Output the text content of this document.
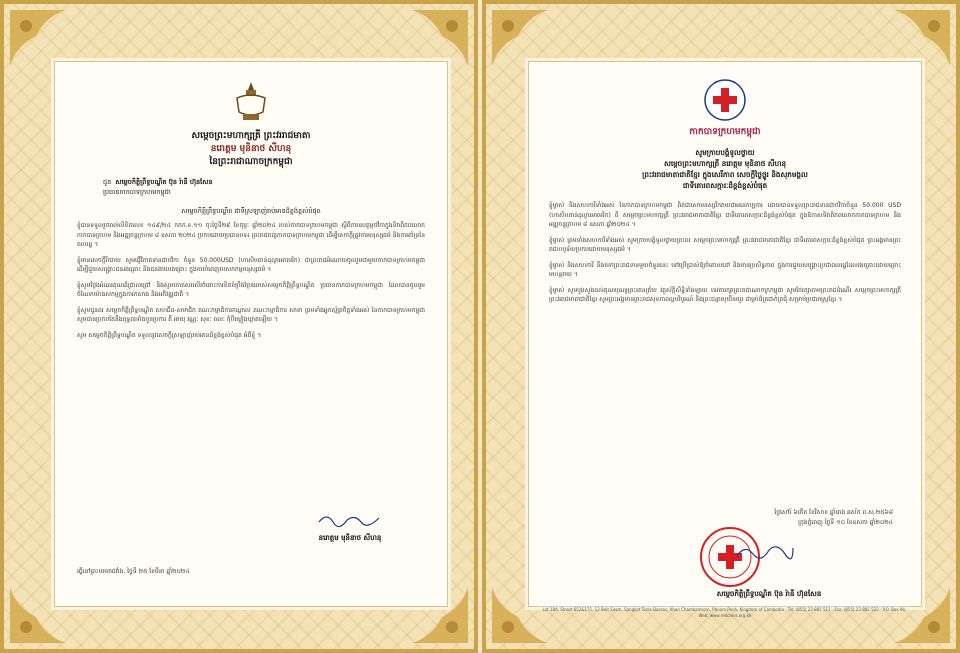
សម្តេចព្រះមហាក្សត្រី ព្រះវររាជមាតា
នរោត្តម មុនិនាថ សីហនុ
នៃព្រះរាជាណាចក្រកម្ពុជា
ជូន សម្តេចកិត្តិព្រឹទ្ធបណ្ឌិត ប៊ុន រ៉ានី ហ៊ុនសែន
ប្រធានកាកបាទក្រហមកម្ពុជា
សម្តេចកិត្តិព្រឹទ្ធបណ្ឌិត ជាទីស្រឡាញ់រាប់អានដ៏ខ្ពង់ខ្ពស់បំផុត

ខ្ញុំបានទទួលរួចរាល់លិខិតលេខ ១៤៩/២៤ កកក.ទ.១១ ចុះថ្ងៃទី២៩ ខែកុម្ភៈ ឆ្នាំ២០២៤ របស់កាកបាទក្រហមកម្ពុជា ស្តីពីការឧបត្ថម្ភថវិកាក្នុងទិវាពិភពលោកកាកបាទក្រហម និងអឌ្ឍចន្ទក្រហម ៨ ឧសភា ២០២៤ ប្រកបដោយប្រធានបទ៖ ព្រះរាជរាជ្យកាកបាទក្រហមកម្ពុជា ដើម្បីសេចក្តីត្រូវការមនុស្សធម៌ និងការគាំទ្រនៃពលរដ្ឋ ។

ខ្ញុំមានសេចក្តីរីករាយ សូមផ្ញើវិភាគទានជាថវិកា ចំនួន 50.000USD (ហាសិបពាន់ដុល្លារអាមេរិក) ជាព្រះរាជអំណោយចូលរួមជាមួយកាកបាទក្រហមកម្ពុជា ដើម្បីជួយសង្គ្រោះជនរងគ្រោះ និងជនងាយរងគ្រោះ ក្នុងការបំពេញបេសកកម្មមនុស្សធម៌ ។

ខ្ញុំសូមថ្លែងអំណរគុណដ៏ជ្រាលជ្រៅ និងសូមកោតសរសើរចំពោះការខិតខំប្រឹងប្រែងរបស់សម្តេចកិត្តិព្រឹទ្ធបណ្ឌិត ប្រធានកាកបាទក្រហមកម្ពុជា ដែលបានចូលរួមចំណែកយ៉ាងសកម្មក្នុងការកសាង និងអភិវឌ្ឍជាតិ ។

ខ្ញុំសូមជូនពរ សម្តេចកិត្តិព្រឹទ្ធបណ្ឌិត សហជីព-សមាជិក គណៈកម្មាធិការកណ្តាល គណៈកម្មាធិការ សាខា ព្រមទាំងអ្នកស្ម័គ្រចិត្តទាំងអស់ នៃកាកបាទក្រហមកម្ពុជា សូមបានប្រកបតែនឹងពុទ្ធពរទាំងបួនប្រការ គឺ អាយុ វណ្ណៈ សុខៈ ពលៈ កុំបីឃ្លៀងឃ្លាតឡើយ ។

សូម សម្តេចកិត្តិព្រឹទ្ធបណ្ឌិត ទទួលនូវសេចក្តីស្រឡាញ់រាប់អានដ៏ខ្ពង់ខ្ពស់បំផុត អំពីខ្ញុំ ។

នរោត្តម មុនិនាថ សីហនុ
ធ្វើនៅព្រះបរមរាជវាំង, ថ្ងៃទី ២៥ ខែមីនា ឆ្នាំ២០២៤
កាកបាទក្រហមកម្ពុជា
សូមក្រាបបង្គំទូលថ្វាយ
សម្តេចព្រះមហាក្សត្រី នរោត្តម មុនិនាថ សីហនុ
ព្រះវររាជមាតាជាតិខ្មែរ ក្នុងសេរីភាព សេចក្តីថ្លៃថ្នូរ និងសុភមង្គល
ជាទីគោរពសក្ការៈដ៏ខ្ពង់ខ្ពស់បំផុត

ខ្ញុំម្ចាស់ និងសហការីទាំងអស់ នៃកាកបាទក្រហមកម្ពុជា ពិតជាសោមនស្សរីករាយជាអនេកប្បការ ដោយបានទទួលព្រះរាជទានជាថវិកាចំនួន 50.000 USD (ហាសិបពាន់ដុល្លារអាមេរិក) ពី សម្តេចព្រះមហាក្សត្រី ព្រះវររាជមាតាជាតិខ្មែរ ជាទីគោរពសក្ការៈដ៏ខ្ពង់ខ្ពស់បំផុត ក្នុងឱកាសទិវាពិភពលោកកាកបាទក្រហម និងអឌ្ឍចន្ទក្រហម ៨ ឧសភា ឆ្នាំ២០២៤ ។

ខ្ញុំម្ចាស់ ព្រមទាំងសហការីទាំងអស់ សូមក្រាបបង្គំទូលថ្វាយព្រះពរ សម្តេចព្រះមហាក្សត្រី ព្រះវររាជមាតាជាតិខ្មែរ ជាទីគោរពសក្ការៈដ៏ខ្ពង់ខ្ពស់បំផុត ព្រះអង្គមានព្រះរាជហឫទ័យប្រកបដោយមនុស្សធម៌ ។

ខ្ញុំម្ចាស់ និងសហការី នឹងយកព្រះរាជទានមួយចំនួននេះ ទៅប្រើប្រាស់ឱ្យចំគោលដៅ និងមានប្រសិទ្ធភាព ក្នុងការជួយសង្គ្រោះប្រជាពលរដ្ឋដែលរងគ្រោះដោយគ្រោះមហន្តរាយ ។

ខ្ញុំម្ចាស់ សូមបួងសួងដល់គុណបុណ្យព្រះរតនត្រ័យ វត្ថុស័ក្តិសិទ្ធិទាំងឡាយ ទេវតារក្សាព្រះរាជាណាចក្រកម្ពុជា សូមថែរក្សាតាមព្រះរាជដំណើរ សម្តេចព្រះមហាក្សត្រី ព្រះវររាជមាតាជាតិខ្មែរ សូមព្រះអង្គមានព្រះរាជសុខភាពល្អបរិបូរណ៍ និងព្រះជន្មាយុយឺនយូរ ជាម្លប់ដ៏ត្រជាក់ត្រជុំ សម្រាប់ប្រជារាស្ត្រខ្មែរ ។

ថ្ងៃសៅរ៍ ៦កើត ខែវិសាខ ឆ្នាំរោង ឆស័ក ព.ស.២៥៦៨
ក្រុងភ្នំពេញ ថ្ងៃទី ១០ ខែឧសភា ឆ្នាំ២០២៤
សម្តេចកិត្តិព្រឹទ្ធបណ្ឌិត ប៊ុន រ៉ានី ហ៊ុនសែន
Lot 18A, Street 652&171, 12 Beit Seam, Sangkat Tonle Bassac, Khan Chamkarmorn, Phnom Penh, Kingdom of Cambodia · Tel: (855) 23 881 511 · Fax: (855) 23 881 522 · P.O. Box 94 · Web: www.redcross.org.kh
